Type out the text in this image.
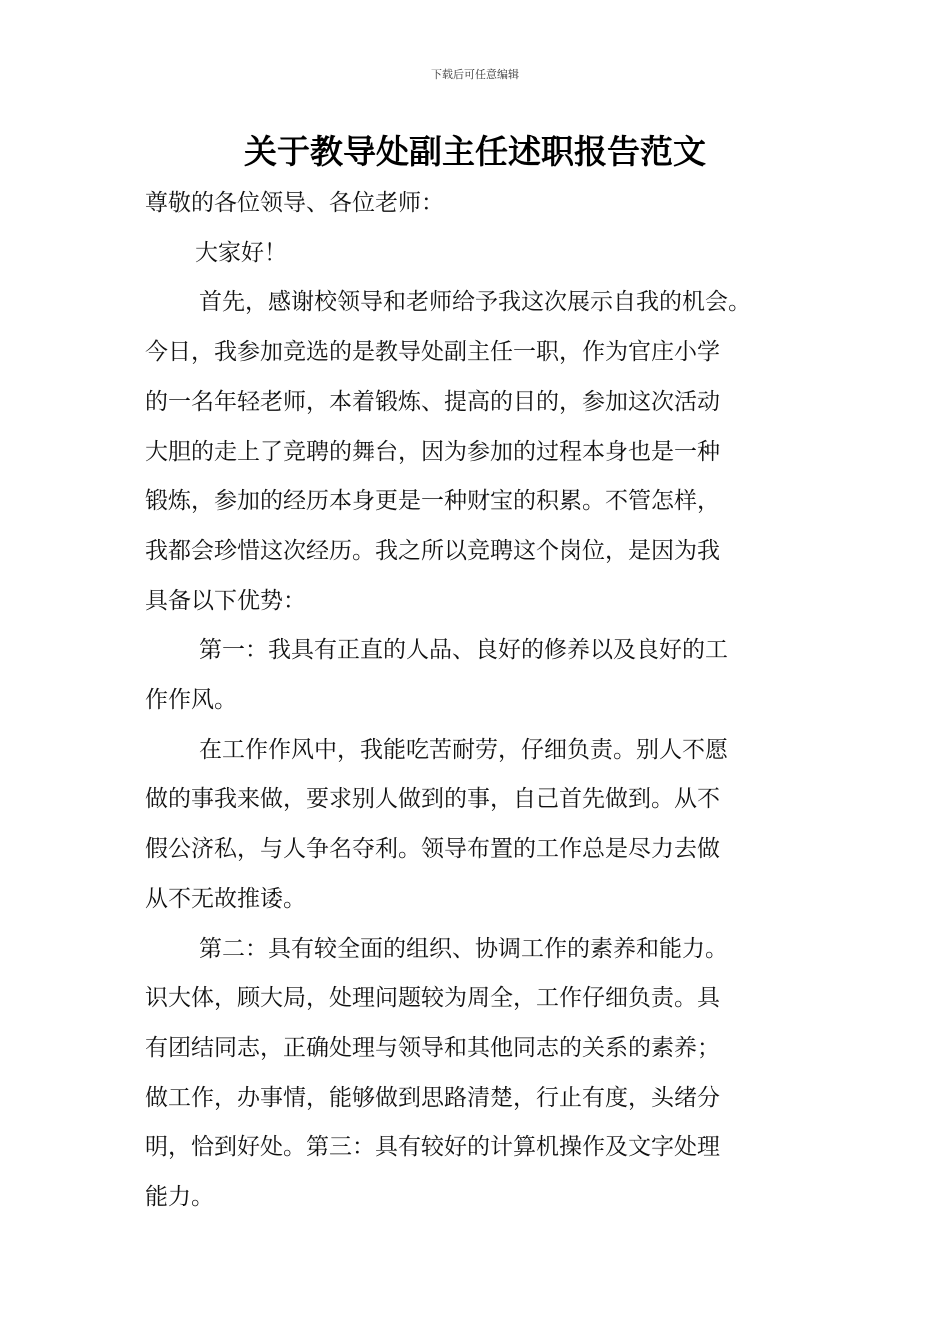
下载后可任意编辑
关于教导处副主任述职报告范文

尊敬的各位领导、各位老师：

大家好！

首先，感谢校领导和老师给予我这次展示自我的机会。

今日，我参加竞选的是教导处副主任一职，作为官庄小学

的一名年轻老师，本着锻炼、提高的目的，参加这次活动

大胆的走上了竞聘的舞台，因为参加的过程本身也是一种

锻炼，参加的经历本身更是一种财宝的积累。不管怎样，

我都会珍惜这次经历。我之所以竞聘这个岗位，是因为我

具备以下优势：

第一：我具有正直的人品、良好的修养以及良好的工

作作风。

在工作作风中，我能吃苦耐劳，仔细负责。别人不愿

做的事我来做，要求别人做到的事，自己首先做到。从不

假公济私，与人争名夺利。领导布置的工作总是尽力去做

从不无故推诿。

第二：具有较全面的组织、协调工作的素养和能力。

识大体，顾大局，处理问题较为周全，工作仔细负责。具

有团结同志，正确处理与领导和其他同志的关系的素养；

做工作，办事情，能够做到思路清楚，行止有度，头绪分

明，恰到好处。第三：具有较好的计算机操作及文字处理

能力。
